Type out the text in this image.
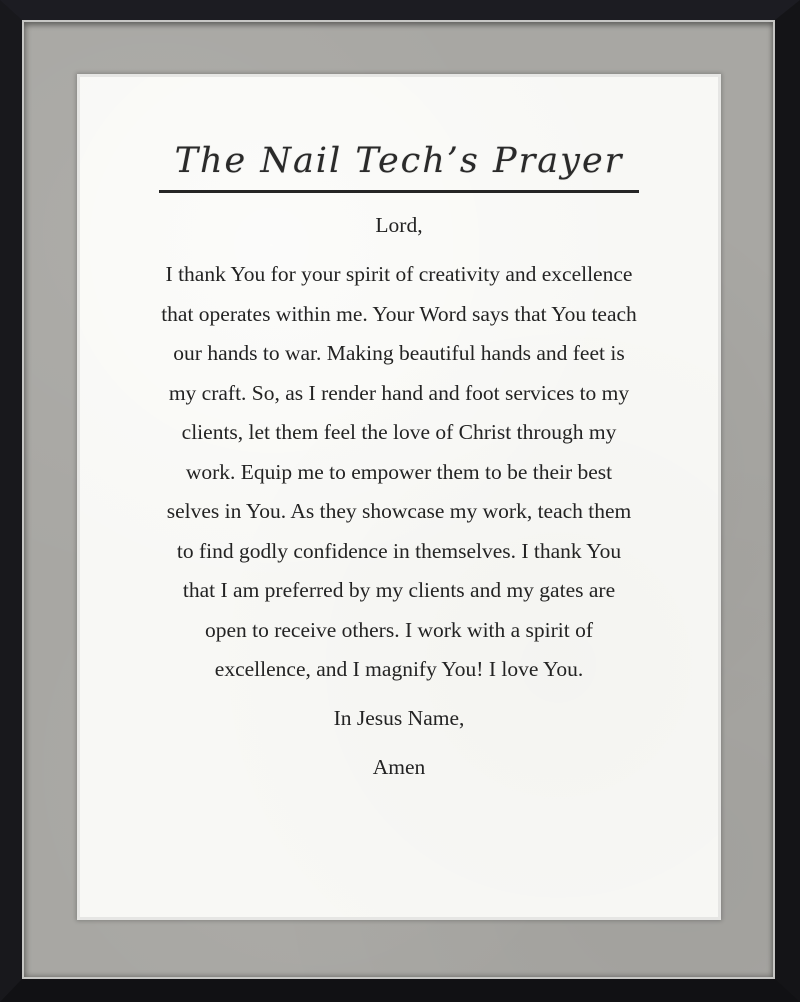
The Nail Tech’s Prayer
Lord,
I thank You for your spirit of creativity and excellence
that operates within me. Your Word says that You teach
our hands to war. Making beautiful hands and feet is
my craft. So, as I render hand and foot services to my
clients, let them feel the love of Christ through my
work. Equip me to empower them to be their best
selves in You. As they showcase my work, teach them
to find godly confidence in themselves. I thank You
that I am preferred by my clients and my gates are
open to receive others. I work with a spirit of
excellence, and I magnify You! I love You.
In Jesus Name,
Amen
